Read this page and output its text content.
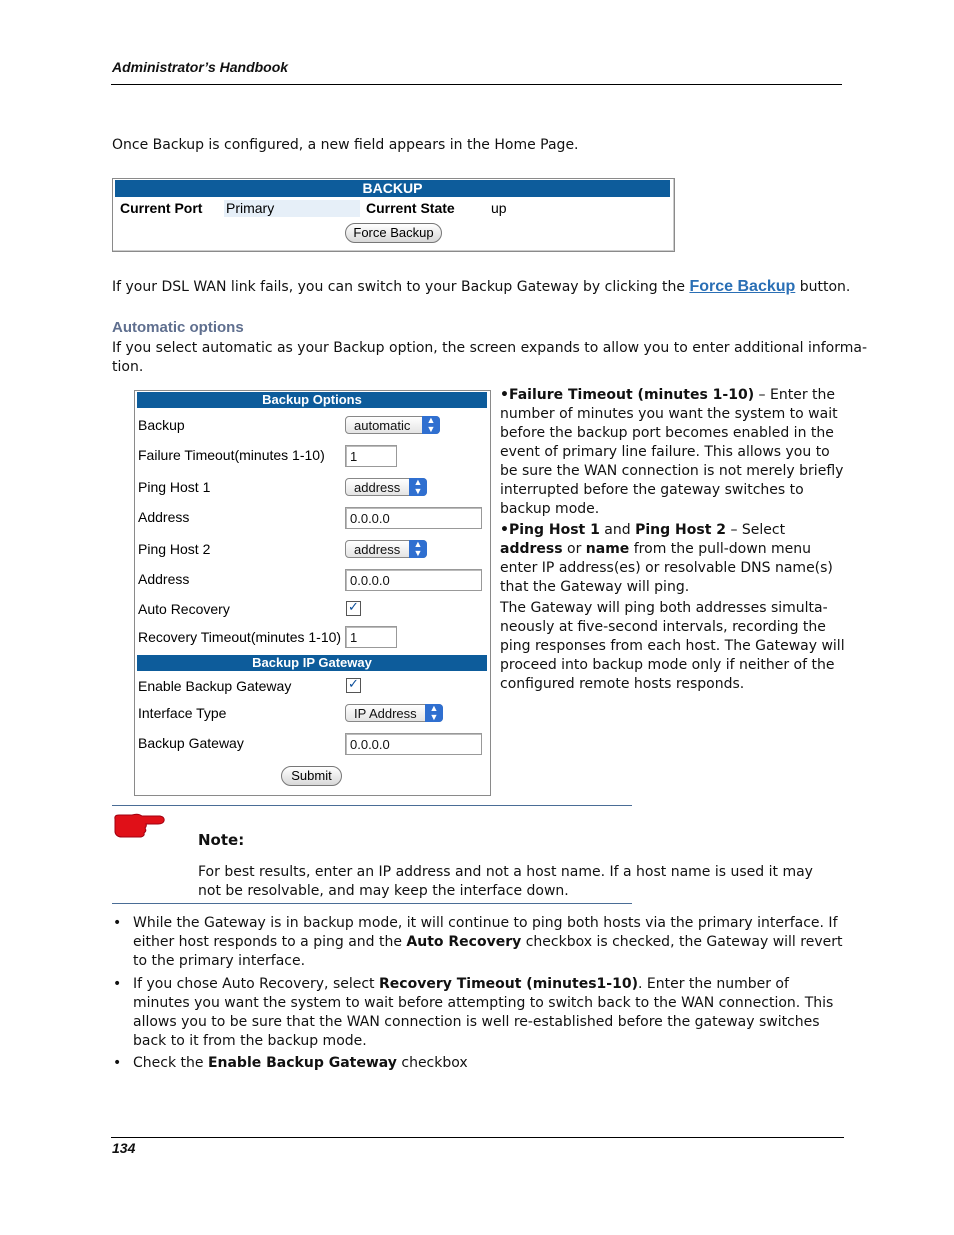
Administrator’s Handbook
Once Backup is configured, a new field appears in the Home Page.
BACKUP
Current Port Primary	Current State	up
Force Backup
If your DSL WAN link fails, you can switch to your Backup Gateway by clicking the Force Backup button.
Automatic options
If you select automatic as your Backup option, the screen expands to allow you to enter additional informa-
tion.
Backup Options
Backup	automatic	▲
▼
Failure Timeout(minutes 1-10)	1
Ping Host 1	address	▲
▼
Address	0.0.0.0
Ping Host 2	address	▲
▼
Address	0.0.0.0
Auto Recovery	✓
Recovery Timeout(minutes 1-10) 1
Backup IP Gateway
Enable Backup Gateway	✓
Interface Type	IP Address	▲
▼
Backup Gateway	0.0.0.0
Submit

•Failure Timeout (minutes 1-10) – Enter the number of minutes you want the system to wait before the backup port becomes enabled in the event of primary line failure. This allows you to be sure the WAN connection is not merely briefly interrupted before the gateway switches to backup mode.

•Ping Host 1 and Ping Host 2 – Select address or name from the pull-down menu enter IP address(es) or resolvable DNS name(s) that the Gateway will ping.

The Gateway will ping both addresses simulta-neously at five-second intervals, recording the ping responses from each host. The Gateway will proceed into backup mode only if neither of the configured remote hosts responds.

Note:
For best results, enter an IP address and not a host name. If a host name is used it may not be resolvable, and may keep the interface down.
• While the Gateway is in backup mode, it will continue to ping both hosts via the primary interface. If either host responds to a ping and the Auto Recovery checkbox is checked, the Gateway will revert to the primary interface.
• If you chose Auto Recovery, select Recovery Timeout (minutes1-10). Enter the number of minutes you want the system to wait before attempting to switch back to the WAN connection. This allows you to be sure that the WAN connection is well re-established before the gateway switches back to it from the backup mode.
• Check the Enable Backup Gateway checkbox
134
